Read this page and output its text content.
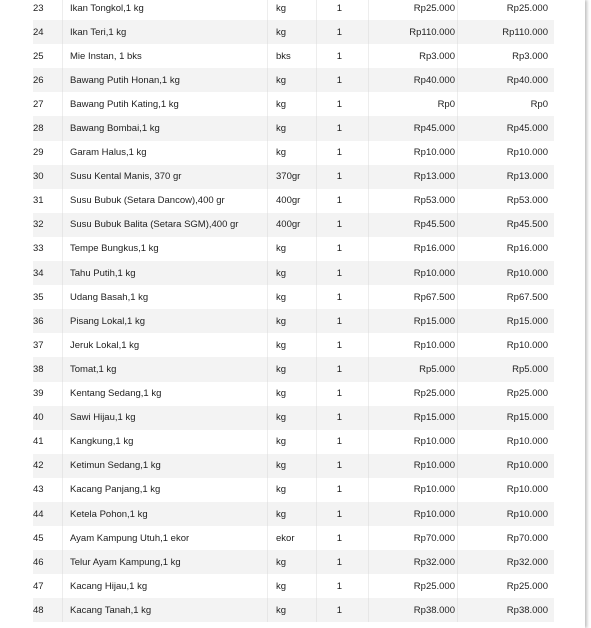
23	Ikan Tongkol,1 kg	kg	1	Rp25.000	Rp25.000
24	Ikan Teri,1 kg	kg	1	Rp110.000	Rp110.000
25	Mie Instan, 1 bks	bks	1	Rp3.000	Rp3.000
26	Bawang Putih Honan,1 kg	kg	1	Rp40.000	Rp40.000
27	Bawang Putih Kating,1 kg	kg	1	Rp0	Rp0
28	Bawang Bombai,1 kg	kg	1	Rp45.000	Rp45.000
29	Garam Halus,1 kg	kg	1	Rp10.000	Rp10.000
30	Susu Kental Manis, 370 gr	370gr	1	Rp13.000	Rp13.000
31	Susu Bubuk (Setara Dancow),400 gr	400gr	1	Rp53.000	Rp53.000
32	Susu Bubuk Balita (Setara SGM),400 gr	400gr	1	Rp45.500	Rp45.500
33	Tempe Bungkus,1 kg	kg	1	Rp16.000	Rp16.000
34	Tahu Putih,1 kg	kg	1	Rp10.000	Rp10.000
35	Udang Basah,1 kg	kg	1	Rp67.500	Rp67.500
36	Pisang Lokal,1 kg	kg	1	Rp15.000	Rp15.000
37	Jeruk Lokal,1 kg	kg	1	Rp10.000	Rp10.000
38	Tomat,1 kg	kg	1	Rp5.000	Rp5.000
39	Kentang Sedang,1 kg	kg	1	Rp25.000	Rp25.000
40	Sawi Hijau,1 kg	kg	1	Rp15.000	Rp15.000
41	Kangkung,1 kg	kg	1	Rp10.000	Rp10.000
42	Ketimun Sedang,1 kg	kg	1	Rp10.000	Rp10.000
43	Kacang Panjang,1 kg	kg	1	Rp10.000	Rp10.000
44	Ketela Pohon,1 kg	kg	1	Rp10.000	Rp10.000
45	Ayam Kampung Utuh,1 ekor	ekor	1	Rp70.000	Rp70.000
46	Telur Ayam Kampung,1 kg	kg	1	Rp32.000	Rp32.000
47	Kacang Hijau,1 kg	kg	1	Rp25.000	Rp25.000
48	Kacang Tanah,1 kg	kg	1	Rp38.000	Rp38.000
